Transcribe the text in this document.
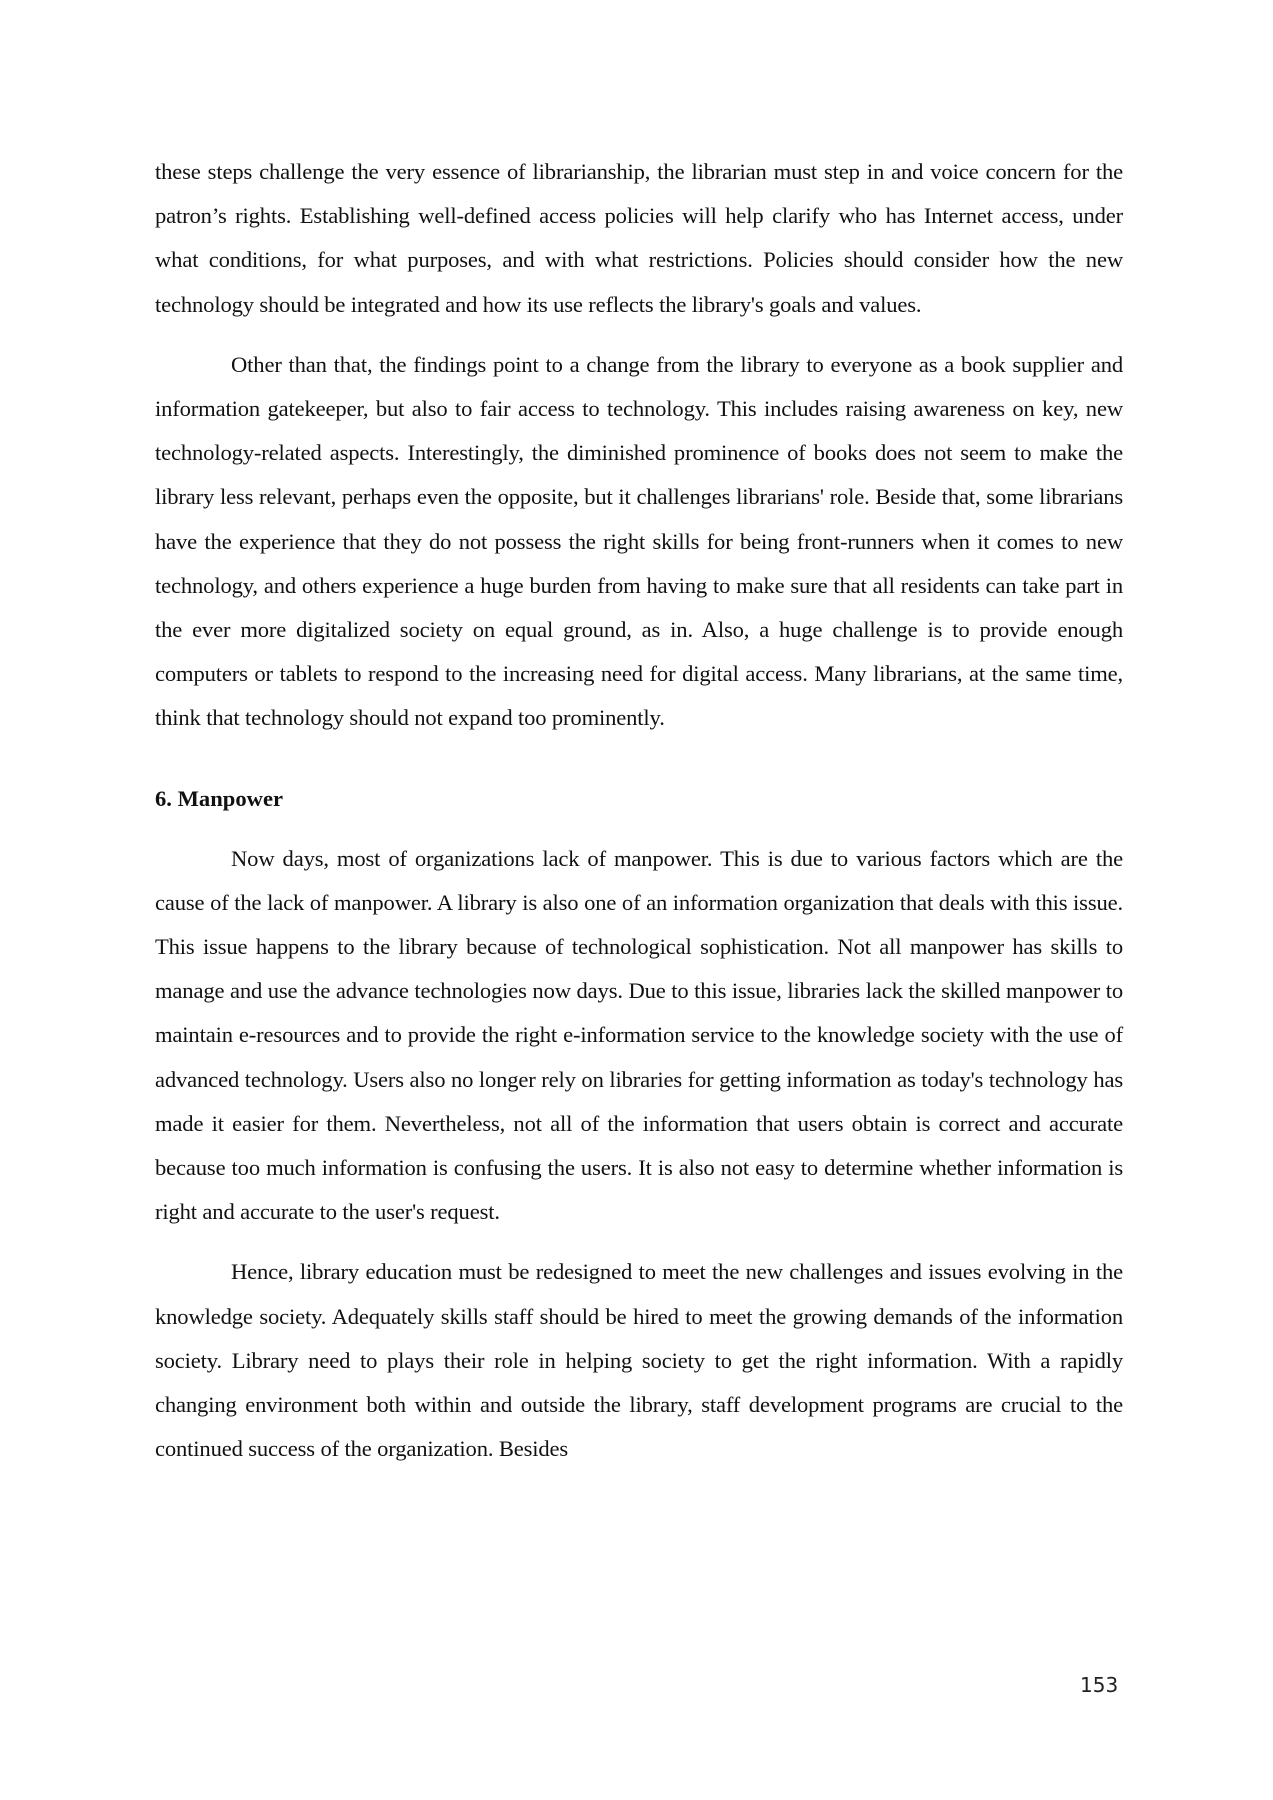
these steps challenge the very essence of librarianship, the librarian must step in and voice concern for the patron’s rights. Establishing well-defined access policies will help clarify who has Internet access, under what conditions, for what purposes, and with what restrictions. Policies should consider how the new technology should be integrated and how its use reflects the library's goals and values.

Other than that, the findings point to a change from the library to everyone as a book supplier and information gatekeeper, but also to fair access to technology. This includes raising awareness on key, new technology-related aspects. Interestingly, the diminished prominence of books does not seem to make the library less relevant, perhaps even the opposite, but it challenges librarians' role. Beside that, some librarians have the experience that they do not possess the right skills for being front-runners when it comes to new technology, and others experience a huge burden from having to make sure that all residents can take part in the ever more digitalized society on equal ground, as in. Also, a huge challenge is to provide enough computers or tablets to respond to the increasing need for digital access. Many librarians, at the same time, think that technology should not expand too prominently.

6. Manpower

Now days, most of organizations lack of manpower. This is due to various factors which are the cause of the lack of manpower. A library is also one of an information organization that deals with this issue. This issue happens to the library because of technological sophistication. Not all manpower has skills to manage and use the advance technologies now days. Due to this issue, libraries lack the skilled manpower to maintain e-resources and to provide the right e-information service to the knowledge society with the use of advanced technology. Users also no longer rely on libraries for getting information as today's technology has made it easier for them. Nevertheless, not all of the information that users obtain is correct and accurate because too much information is confusing the users. It is also not easy to determine whether information is right and accurate to the user's request.

Hence, library education must be redesigned to meet the new challenges and issues evolving in the knowledge society. Adequately skills staff should be hired to meet the growing demands of the information society. Library need to plays their role in helping society to get the right information. With a rapidly changing environment both within and outside the library, staff development programs are crucial to the continued success of the organization. Besides

153
